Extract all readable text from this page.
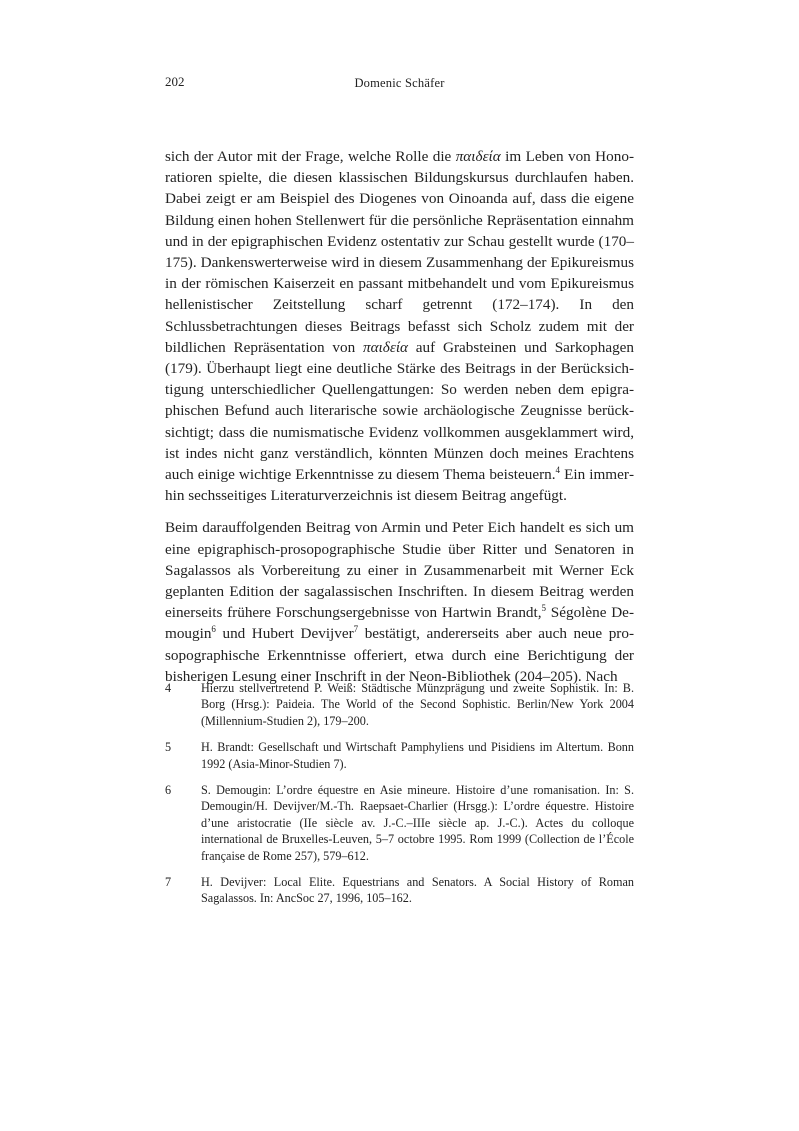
202	Domenic Schäfer

sich der Autor mit der Frage, welche Rolle die παιδεία im Leben von Honoratioren spielte, die diesen klassischen Bildungskursus durchlaufen haben. Dabei zeigt er am Beispiel des Diogenes von Oinoanda auf, dass die eigene Bildung einen hohen Stellenwert für die persönliche Repräsentation einnahm und in der epigraphischen Evidenz ostentativ zur Schau gestellt wurde (170–175). Dankenswerterweise wird in diesem Zusammenhang der Epikureismus in der römischen Kaiserzeit en passant mitbehandelt und vom Epikureismus hellenistischer Zeitstellung scharf getrennt (172–174). In den Schlussbetrachtungen dieses Beitrags befasst sich Scholz zudem mit der bildlichen Repräsentation von παιδεία auf Grabsteinen und Sarkophagen (179). Überhaupt liegt eine deutliche Stärke des Beitrags in der Berücksichtigung unterschiedlicher Quellengattungen: So werden neben dem epigraphischen Befund auch literarische sowie archäologische Zeugnisse berücksichtigt; dass die numismatische Evidenz vollkommen ausgeklammert wird, ist indes nicht ganz verständlich, könnten Münzen doch meines Erachtens auch einige wichtige Erkenntnisse zu diesem Thema beisteuern.$^4$ Ein immerhin sechsseitiges Literaturverzeichnis ist diesem Beitrag angefügt.

Beim darauffolgenden Beitrag von Armin und Peter Eich handelt es sich um eine epigraphisch-prosopographische Studie über Ritter und Senatoren in Sagalassos als Vorbereitung zu einer in Zusammenarbeit mit Werner Eck geplanten Edition der sagalassischen Inschriften. In diesem Beitrag werden einerseits frühere Forschungsergebnisse von Hartwin Brandt,$^5$ Ségolène Demougin$^6$ und Hubert Devijver$^7$ bestätigt, andererseits aber auch neue prosopographische Erkenntnisse offeriert, etwa durch eine Berichtigung der bisherigen Lesung einer Inschrift in der Neon-Bibliothek (204–205). Nach

4	Hierzu stellvertretend P. Weiß: Städtische Münzprägung und zweite Sophistik. In: B. Borg (Hrsg.): Paideia. The World of the Second Sophistic. Berlin/New York 2004 (Millennium-Studien 2), 179–200.
5	H. Brandt: Gesellschaft und Wirtschaft Pamphyliens und Pisidiens im Altertum. Bonn 1992 (Asia-Minor-Studien 7).
6	S. Demougin: L’ordre équestre en Asie mineure. Histoire d’une romanisation. In: S. Demougin/H. Devijver/M.-Th. Raepsaet-Charlier (Hrsgg.): L’ordre équestre. Histoire d’une aristocratie (IIe siècle av. J.-C.–IIIe siècle ap. J.-C.). Actes du colloque international de Bruxelles-Leuven, 5–7 octobre 1995. Rom 1999 (Collection de l’École française de Rome 257), 579–612.
7	H. Devijver: Local Elite. Equestrians and Senators. A Social History of Roman Sagalassos. In: AncSoc 27, 1996, 105–162.
